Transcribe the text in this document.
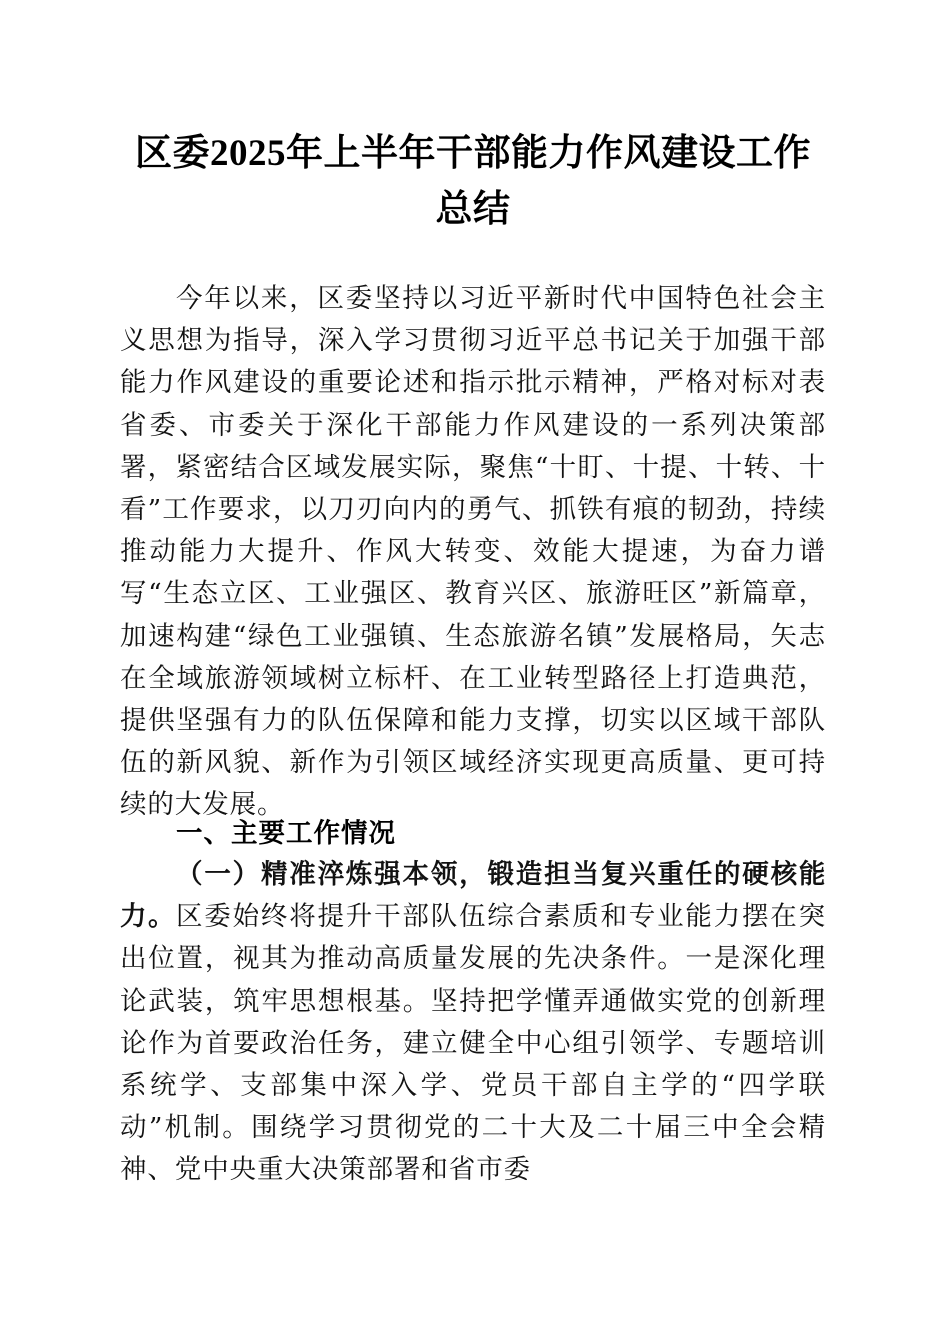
区委2025年上半年干部能力作风建设工作总结

今年以来，区委坚持以习近平新时代中国特色社会主义思想为指导，深入学习贯彻习近平总书记关于加强干部能力作风建设的重要论述和指示批示精神，严格对标对表省委、市委关于深化干部能力作风建设的一系列决策部署，紧密结合区域发展实际，聚焦“十盯、十提、十转、十看”工作要求，以刀刃向内的勇气、抓铁有痕的韧劲，持续推动能力大提升、作风大转变、效能大提速，为奋力谱写“生态立区、工业强区、教育兴区、旅游旺区”新篇章，加速构建“绿色工业强镇、生态旅游名镇”发展格局，矢志在全域旅游领域树立标杆、在工业转型路径上打造典范，提供坚强有力的队伍保障和能力支撑，切实以区域干部队伍的新风貌、新作为引领区域经济实现更高质量、更可持续的大发展。

一、主要工作情况

（一）精准淬炼强本领，锻造担当复兴重任的硬核能力。区委始终将提升干部队伍综合素质和专业能力摆在突出位置，视其为推动高质量发展的先决条件。一是深化理论武装，筑牢思想根基。坚持把学懂弄通做实党的创新理论作为首要政治任务，建立健全中心组引领学、专题培训系统学、支部集中深入学、党员干部自主学的“四学联动”机制。围绕学习贯彻党的二十大及二十届三中全会精神、党中央重大决策部署和省市委
